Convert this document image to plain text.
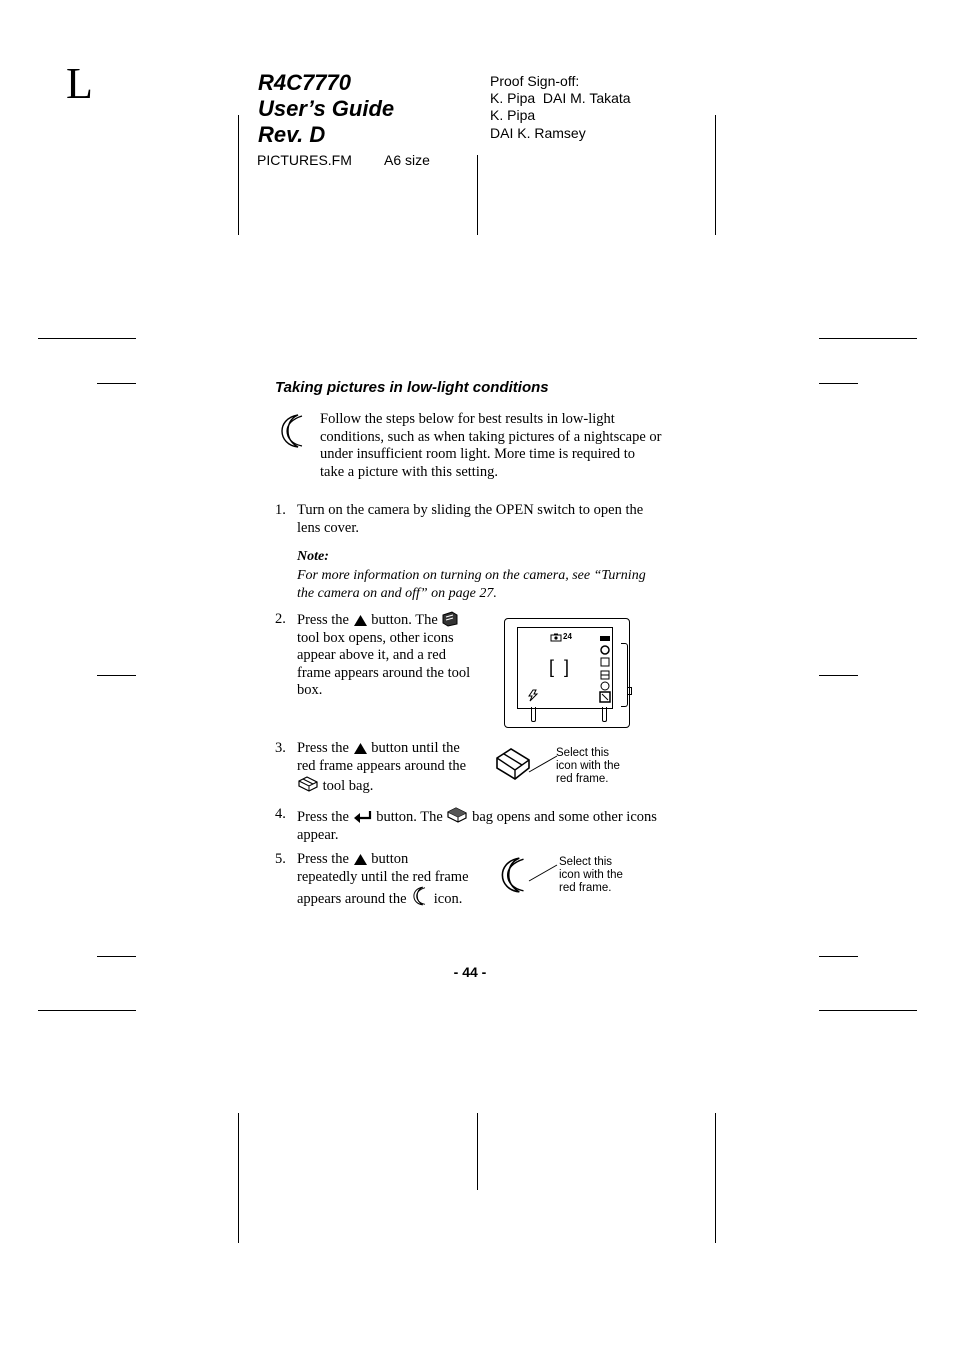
L	R4C7770
User’s Guide
Rev. D
PICTURES.FM A6 size
Proof Sign-off:
K. Pipa  DAI M. Takata
K. Pipa
DAI K. Ramsey
Taking pictures in low-light conditions
Follow the steps below for best results in low-light conditions, such as when taking pictures of a nightscape or under insufficient room light. More time is required to take a picture with this setting.
1. Turn on the camera by sliding the OPEN switch to open the lens cover.
Note:
For more information on turning on the camera, see “Turning the camera on and off” on page 27.
2. Press the button. The  tool box opens, other icons appear above it, and a red frame appears around the tool box.
24
[  ]
3. Press the button until the red frame appears around the  tool bag.
Select this
icon with the
red frame.
4. Press the button. The bag opens and some other icons appear.
5. Press the button repeatedly until the red frame appears around the icon.
Select this
icon with the
red frame.
- 44 -
